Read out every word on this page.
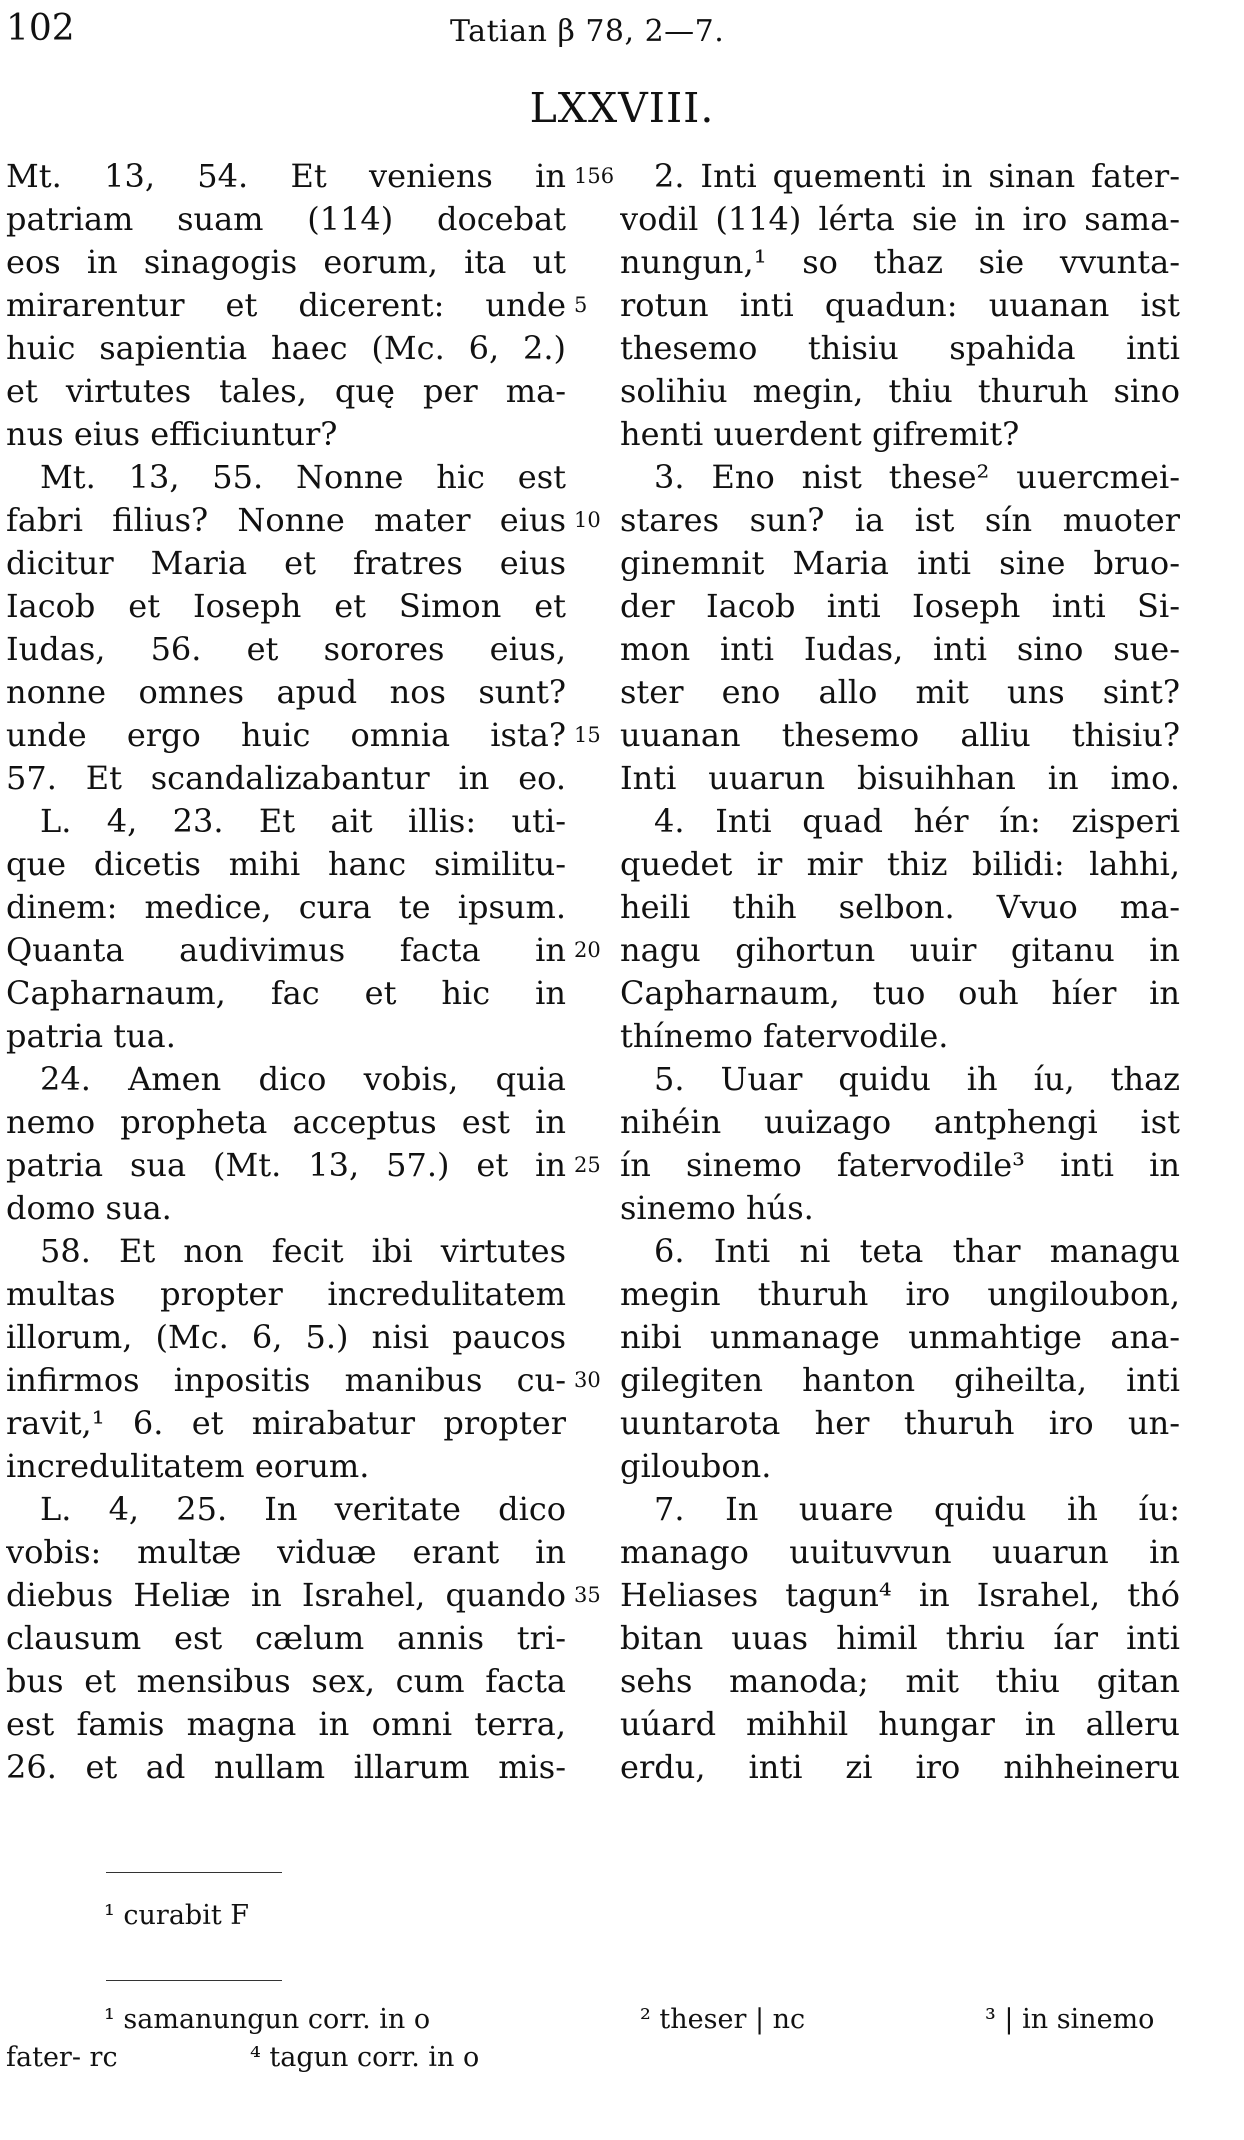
102	Tatian β 78, 2—7.
LXXVIII.
Mt. 13, 54. Et veniens in
patriam suam (114) docebat
eos in sinagogis eorum, ita ut
mirarentur et dicerent: unde
huic sapientia haec (Mc. 6, 2.)
et virtutes tales, quę per ma-
nus eius efficiuntur?
Mt. 13, 55. Nonne hic est
fabri filius? Nonne mater eius
dicitur Maria et fratres eius
Iacob et Ioseph et Simon et
Iudas, 56. et sorores eius,
nonne omnes apud nos sunt?
unde ergo huic omnia ista?
57. Et scandalizabantur in eo.
L. 4, 23. Et ait illis: uti-
que dicetis mihi hanc similitu-
dinem: medice, cura te ipsum.
Quanta audivimus facta in
Capharnaum, fac et hic in
patria tua.
24. Amen dico vobis, quia
nemo propheta acceptus est in
patria sua (Mt. 13, 57.) et in
domo sua.
58. Et non fecit ibi virtutes
multas propter incredulitatem
illorum, (Mc. 6, 5.) nisi paucos
infirmos inpositis manibus cu-
ravit,¹ 6. et mirabatur propter
incredulitatem eorum.
L. 4, 25. In veritate dico
vobis: multæ viduæ erant in
diebus Heliæ in Israhel, quando
clausum est cælum annis tri-
bus et mensibus sex, cum facta
est famis magna in omni terra,
26. et ad nullam illarum mis-
156
5
10
15
20
25
30
35
2. Inti quementi in sinan fater-
vodil (114) lérta sie in iro sama-
nungun,¹ so thaz sie vvunta-
rotun inti quadun: uuanan ist
thesemo thisiu spahida inti
solihiu megin, thiu thuruh sino
henti uuerdent gifremit?
3. Eno nist these² uuercmei-
stares sun? ia ist sín muoter
ginemnit Maria inti sine bruo-
der Iacob inti Ioseph inti Si-
mon inti Iudas, inti sino sue-
ster eno allo mit uns sint?
uuanan thesemo alliu thisiu?
Inti uuarun bisuihhan in imo.
4. Inti quad hér ín: zisperi
quedet ir mir thiz bilidi: lahhi,
heili thih selbon. Vvuo ma-
nagu gihortun uuir gitanu in
Capharnaum, tuo ouh híer in
thínemo fatervodile.
5. Uuar quidu ih íu, thaz
nihéin uuizago antphengi ist
ín sinemo fatervodile³ inti in
sinemo hús.
6. Inti ni teta thar managu
megin thuruh iro ungiloubon,
nibi unmanage unmahtige ana-
gilegiten hanton giheilta, inti
uuntarota her thuruh iro un-
giloubon.
7. In uuare quidu ih íu:
manago uuituvvun uuarun in
Heliases tagun⁴ in Israhel, thó
bitan uuas himil thriu íar inti
sehs manoda; mit thiu gitan
uúard mihhil hungar in alleru
erdu, inti zi iro nihheineru
¹ curabit F
¹ samanungun corr. in o	² theser | nc	³ | in sinemo
fater- rc	⁴ tagun corr. in o
